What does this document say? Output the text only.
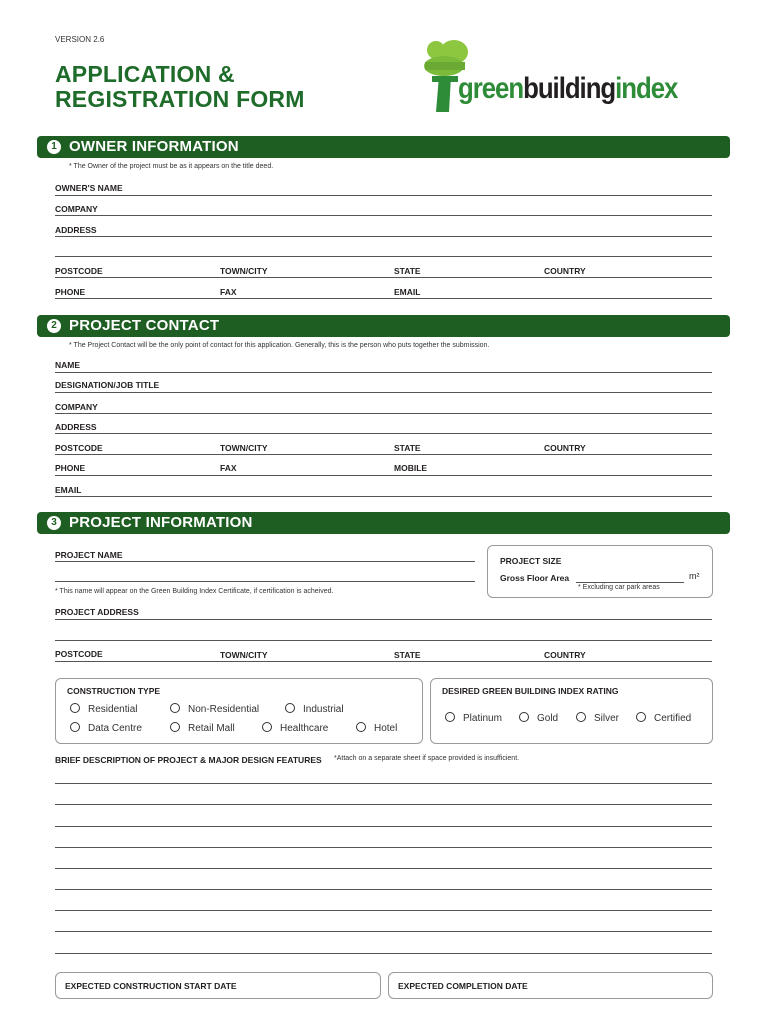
VERSION 2.6
APPLICATION &
REGISTRATION FORM	greenbuildingindex
1 OWNER INFORMATION
* The Owner of the project must be as it appears on the title deed.
OWNER'S NAME
COMPANY
ADDRESS
POSTCODE	TOWN/CITY	STATE	COUNTRY
PHONE	FAX	EMAIL
2 PROJECT CONTACT
* The Project Contact will be the only point of contact for this application. Generally, this is the person who puts together the submission.
NAME
DESIGNATION/JOB TITLE
COMPANY
ADDRESS
POSTCODE	TOWN/CITY	STATE	COUNTRY
PHONE	FAX	MOBILE
EMAIL
3 PROJECT INFORMATION
PROJECT NAME
* This name will appear on the Green Building Index Certificate, if certification is acheived.
PROJECT SIZE
Gross Floor Area	m²
* Excluding car park areas
PROJECT ADDRESS
POSTCODE	TOWN/CITY	STATE	COUNTRY
CONSTRUCTION TYPE
Residential	Non-Residential	Industrial
Data Centre	Retail Mall	Healthcare	Hotel
DESIRED GREEN BUILDING INDEX RATING
Platinum	Gold	Silver	Certified
BRIEF DESCRIPTION OF PROJECT & MAJOR DESIGN FEATURES *Attach on a separate sheet if space provided is insufficient.
EXPECTED CONSTRUCTION START DATE	EXPECTED COMPLETION DATE
